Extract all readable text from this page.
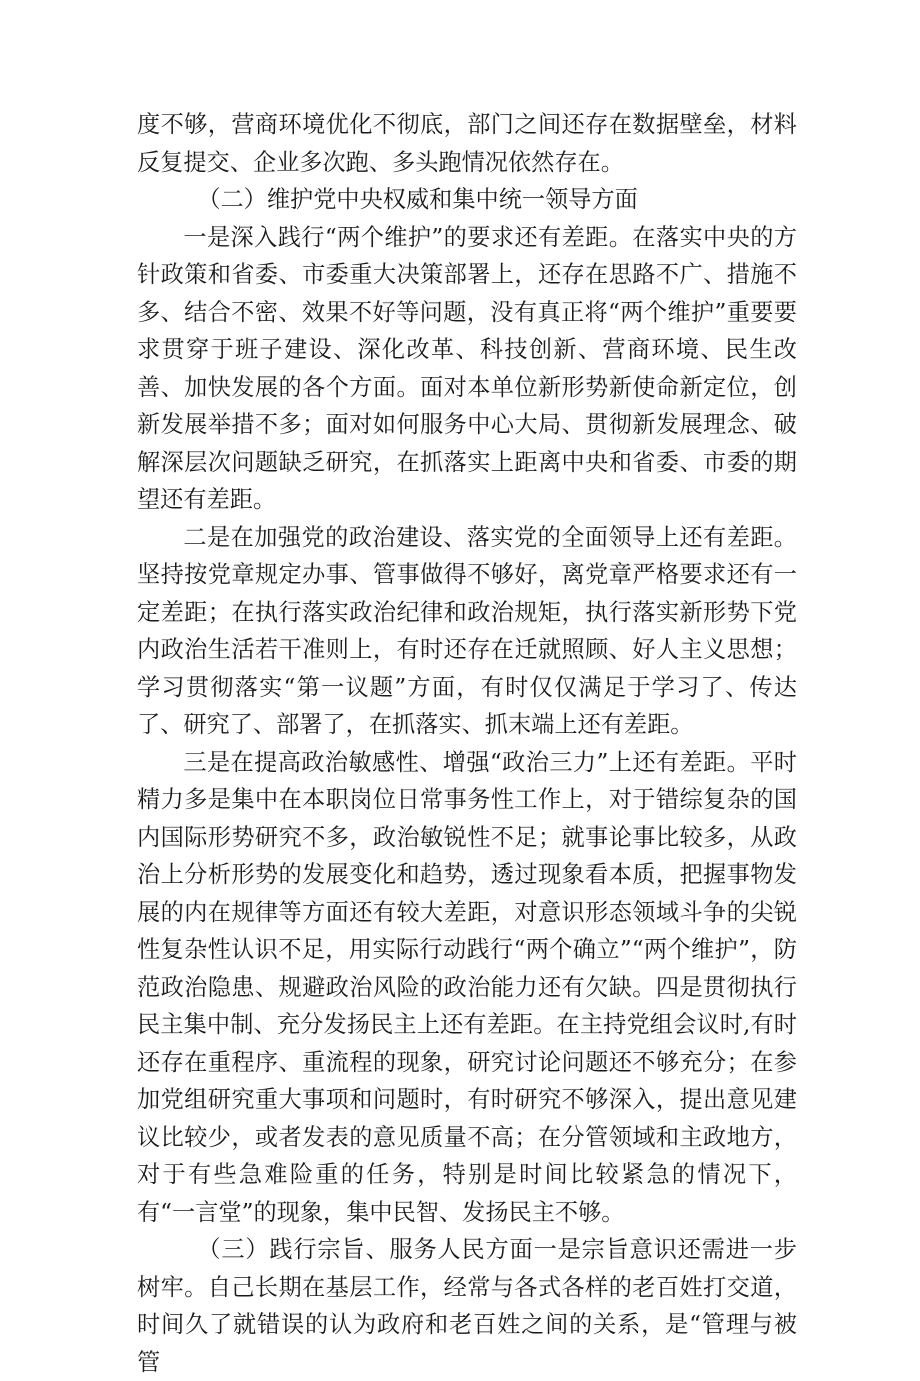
度不够，营商环境优化不彻底，部门之间还存在数据壁垒，材料反复提交、企业多次跑、多头跑情况依然存在。

（二）维护党中央权威和集中统一领导方面

一是深入践行“两个维护”的要求还有差距。在落实中央的方针政策和省委、市委重大决策部署上，还存在思路不广、措施不多、结合不密、效果不好等问题，没有真正将“两个维护”重要要求贯穿于班子建设、深化改革、科技创新、营商环境、民生改善、加快发展的各个方面。面对本单位新形势新使命新定位，创新发展举措不多；面对如何服务中心大局、贯彻新发展理念、破解深层次问题缺乏研究，在抓落实上距离中央和省委、市委的期望还有差距。

二是在加强党的政治建设、落实党的全面领导上还有差距。坚持按党章规定办事、管事做得不够好，离党章严格要求还有一定差距；在执行落实政治纪律和政治规矩，执行落实新形势下党内政治生活若干准则上，有时还存在迁就照顾、好人主义思想；学习贯彻落实“第一议题”方面，有时仅仅满足于学习了、传达了、研究了、部署了，在抓落实、抓末端上还有差距。

三是在提高政治敏感性、增强“政治三力”上还有差距。平时精力多是集中在本职岗位日常事务性工作上，对于错综复杂的国内国际形势研究不多，政治敏锐性不足；就事论事比较多，从政治上分析形势的发展变化和趋势，透过现象看本质，把握事物发展的内在规律等方面还有较大差距，对意识形态领域斗争的尖锐性复杂性认识不足，用实际行动践行“两个确立”“两个维护”，防范政治隐患、规避政治风险的政治能力还有欠缺。四是贯彻执行民主集中制、充分发扬民主上还有差距。在主持党组会议时,有时还存在重程序、重流程的现象，研究讨论问题还不够充分；在参加党组研究重大事项和问题时，有时研究不够深入，提出意见建议比较少，或者发表的意见质量不高；在分管领域和主政地方，对于有些急难险重的任务，特别是时间比较紧急的情况下，有“一言堂”的现象，集中民智、发扬民主不够。

（三）践行宗旨、服务人民方面一是宗旨意识还需进一步树牢。自己长期在基层工作，经常与各式各样的老百姓打交道，时间久了就错误的认为政府和老百姓之间的关系，是“管理与被管
